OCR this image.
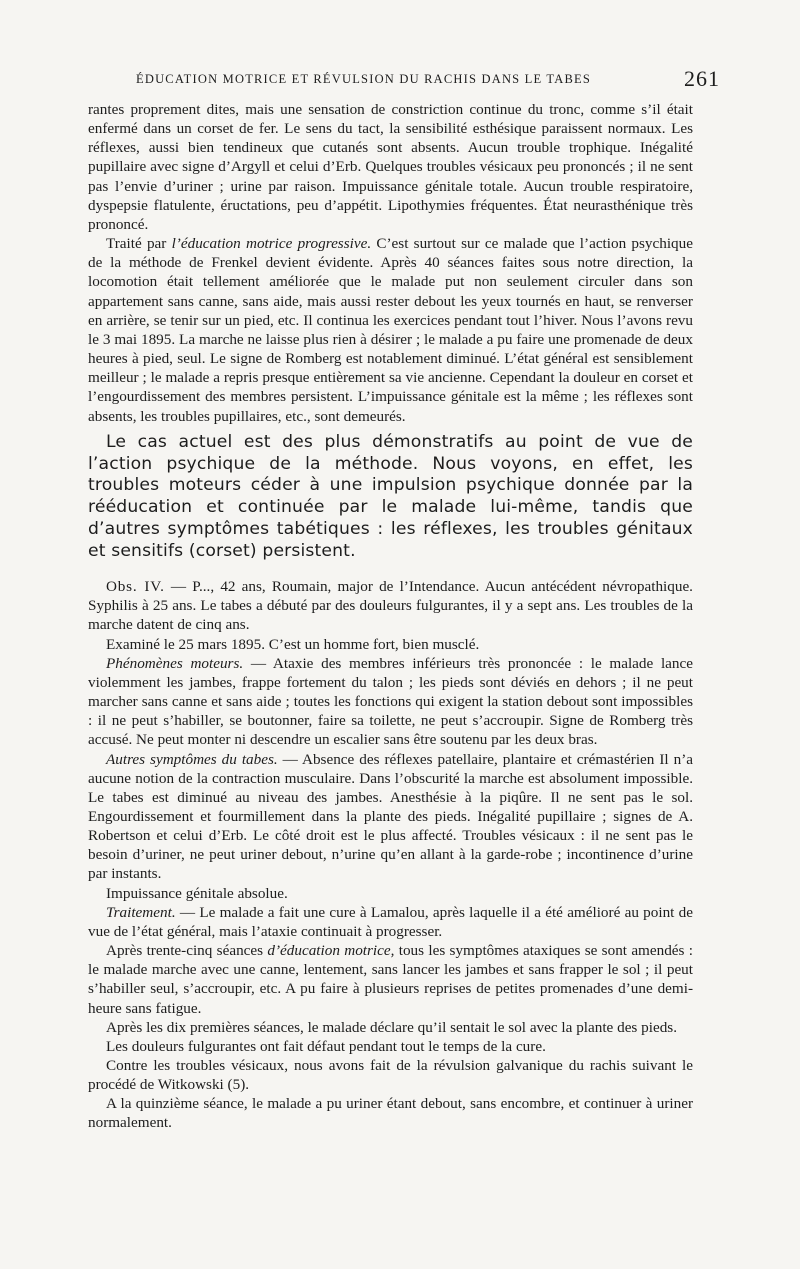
ÉDUCATION MOTRICE ET RÉVULSION DU RACHIS DANS LE TABES	261

rantes proprement dites, mais une sensation de constriction continue du tronc, comme s’il était enfermé dans un corset de fer. Le sens du tact, la sensibilité esthésique paraissent normaux. Les réflexes, aussi bien tendineux que cutanés sont absents. Aucun trouble trophique. Inégalité pupillaire avec signe d’Argyll et celui d’Erb. Quelques troubles vésicaux peu prononcés ; il ne sent pas l’envie d’uriner ; urine par raison. Impuissance génitale totale. Aucun trouble respiratoire, dyspepsie flatulente, éructations, peu d’appétit. Lipothymies fréquentes. État neurasthénique très prononcé.

Traité par l’éducation motrice progressive. C’est surtout sur ce malade que l’action psychique de la méthode de Frenkel devient évidente. Après 40 séances faites sous notre direction, la locomotion était tellement améliorée que le malade put non seulement circuler dans son appartement sans canne, sans aide, mais aussi rester debout les yeux tournés en haut, se renverser en arrière, se tenir sur un pied, etc. Il continua les exercices pendant tout l’hiver. Nous l’avons revu le 3 mai 1895. La marche ne laisse plus rien à désirer ; le malade a pu faire une promenade de deux heures à pied, seul. Le signe de Romberg est notablement diminué. L’état général est sensiblement meilleur ; le malade a repris presque entièrement sa vie ancienne. Cependant la douleur en corset et l’engourdissement des membres persistent. L’impuissance génitale est la même ; les réflexes sont absents, les troubles pupillaires, etc., sont demeurés.

Le cas actuel est des plus démonstratifs au point de vue de l’action psychique de la méthode. Nous voyons, en effet, les troubles moteurs céder à une impulsion psychique donnée par la rééducation et continuée par le malade lui-même, tandis que d’autres symptômes tabétiques : les réflexes, les troubles génitaux et sensitifs (corset) persistent.

Obs. IV. — P..., 42 ans, Roumain, major de l’Intendance. Aucun antécédent névropathique. Syphilis à 25 ans. Le tabes a débuté par des douleurs fulgurantes, il y a sept ans. Les troubles de la marche datent de cinq ans.

Examiné le 25 mars 1895. C’est un homme fort, bien musclé.

Phénomènes moteurs. — Ataxie des membres inférieurs très prononcée : le malade lance violemment les jambes, frappe fortement du talon ; les pieds sont déviés en dehors ; il ne peut marcher sans canne et sans aide ; toutes les fonctions qui exigent la station debout sont impossibles : il ne peut s’habiller, se boutonner, faire sa toilette, ne peut s’accroupir. Signe de Romberg très accusé. Ne peut monter ni descendre un escalier sans être soutenu par les deux bras.

Autres symptômes du tabes. — Absence des réflexes patellaire, plantaire et crémastérien Il n’a aucune notion de la contraction musculaire. Dans l’obscurité la marche est absolument impossible. Le tabes est diminué au niveau des jambes. Anesthésie à la piqûre. Il ne sent pas le sol. Engourdissement et fourmillement dans la plante des pieds. Inégalité pupillaire ; signes de A. Robertson et celui d’Erb. Le côté droit est le plus affecté. Troubles vésicaux : il ne sent pas le besoin d’uriner, ne peut uriner debout, n’urine qu’en allant à la garde-robe ; incontinence d’urine par instants.

Impuissance génitale absolue.

Traitement. — Le malade a fait une cure à Lamalou, après laquelle il a été amélioré au point de vue de l’état général, mais l’ataxie continuait à progresser.

Après trente-cinq séances d’éducation motrice, tous les symptômes ataxiques se sont amendés : le malade marche avec une canne, lentement, sans lancer les jambes et sans frapper le sol ; il peut s’habiller seul, s’accroupir, etc. A pu faire à plusieurs reprises de petites promenades d’une demi-heure sans fatigue.

Après les dix premières séances, le malade déclare qu’il sentait le sol avec la plante des pieds.

Les douleurs fulgurantes ont fait défaut pendant tout le temps de la cure.

Contre les troubles vésicaux, nous avons fait de la révulsion galvanique du rachis suivant le procédé de Witkowski (5).

A la quinzième séance, le malade a pu uriner étant debout, sans encombre, et continuer à uriner normalement.
